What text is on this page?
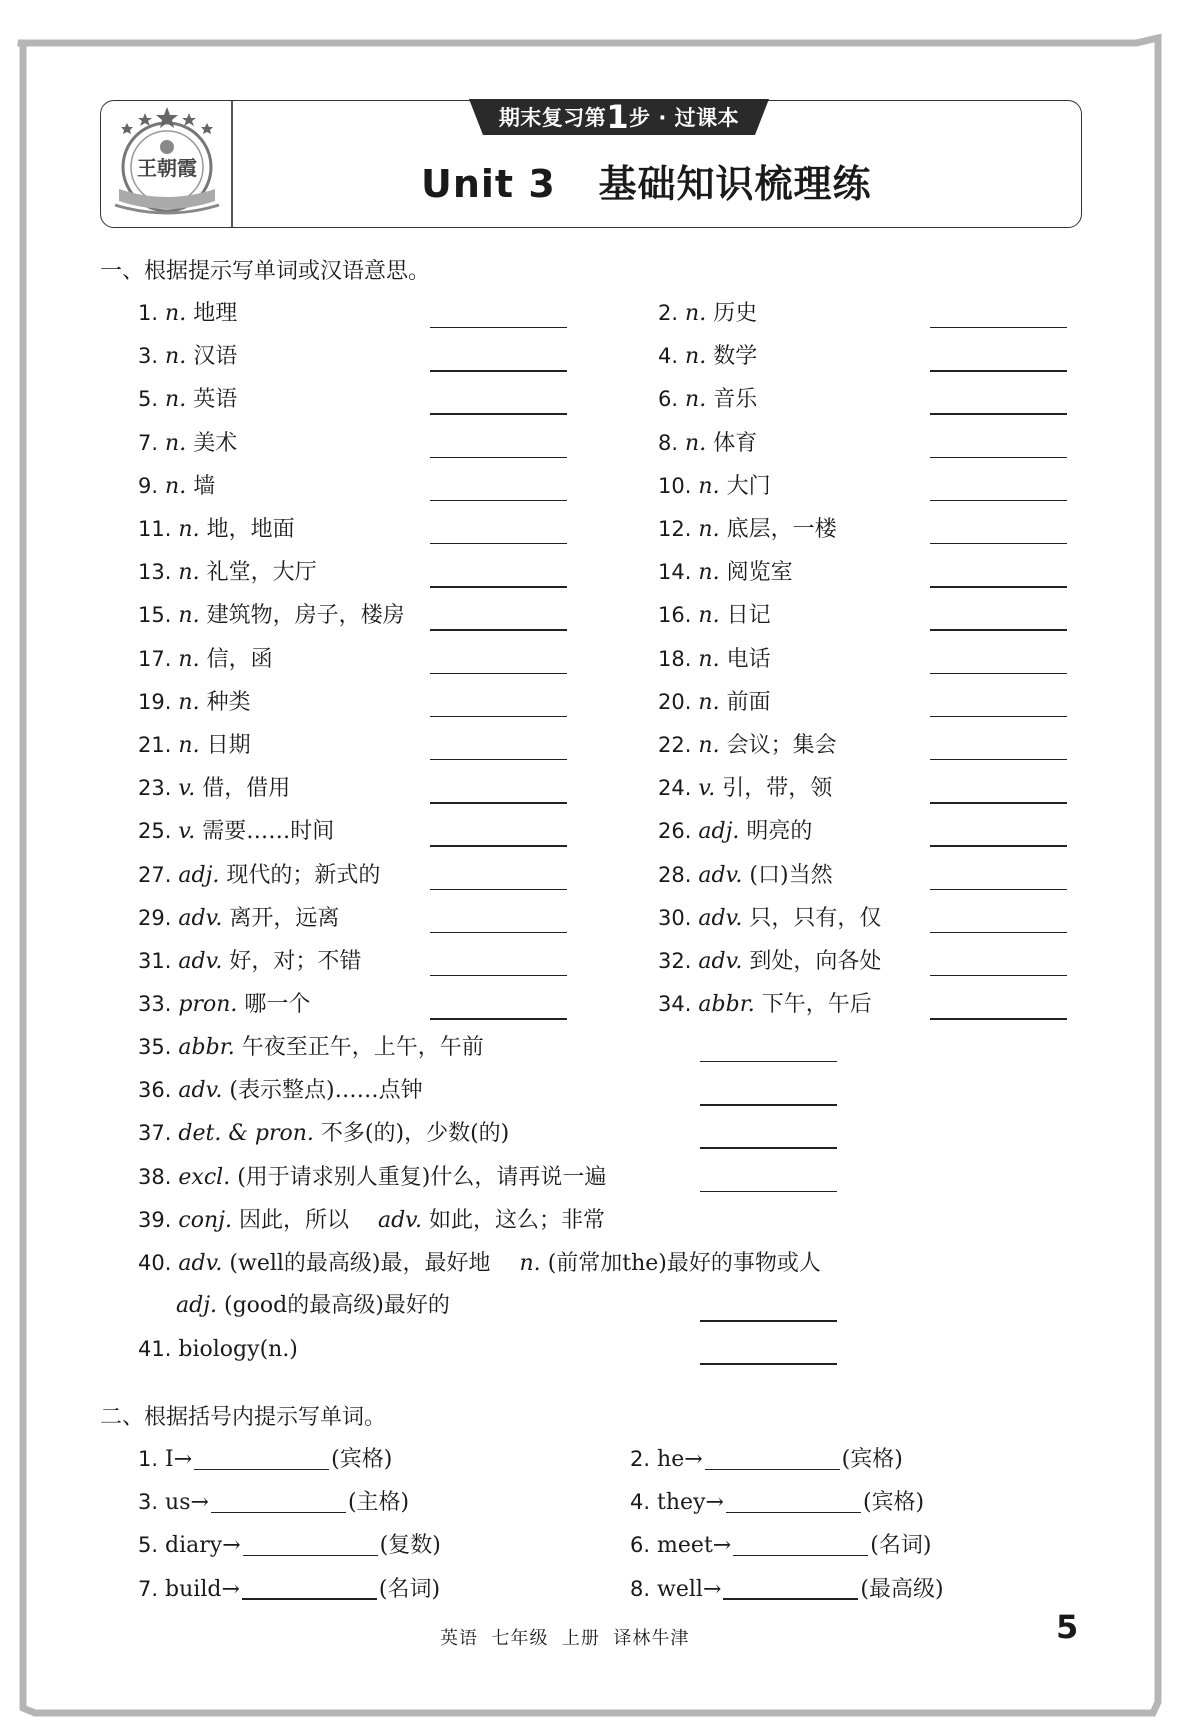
王朝霞
期末复习第1步 · 过课本
Unit 3   基础知识梳理练
一、根据提示写单词或汉语意思。
1. n. 地理	2. n. 历史
3. n. 汉语	4. n. 数学
5. n. 英语	6. n. 音乐
7. n. 美术	8. n. 体育
9. n. 墙	10. n. 大门
11. n. 地，地面	12. n. 底层，一楼
13. n. 礼堂，大厅	14. n. 阅览室
15. n. 建筑物，房子，楼房	16. n. 日记
17. n. 信，函	18. n. 电话
19. n. 种类	20. n. 前面
21. n. 日期	22. n. 会议；集会
23. v. 借，借用	24. v. 引，带，领
25. v. 需要……时间	26. adj. 明亮的
27. adj. 现代的；新式的	28. adv. (口)当然
29. adv. 离开，远离	30. adv. 只，只有，仅
31. adv. 好，对；不错	32. adv. 到处，向各处
33. pron. 哪一个	34. abbr. 下午，午后
35. abbr. 午夜至正午，上午，午前
36. adv. (表示整点)……点钟
37. det. & pron. 不多(的)，少数(的)
38. excl. (用于请求别人重复)什么，请再说一遍
39. conj. 因此，所以 adv. 如此，这么；非常
40. adv. (well的最高级)最，最好地 n. (前常加the)最好的事物或人
adj. (good的最高级)最好的
41. biology(n.)
二、根据括号内提示写单词。
1. I→	(宾格)	2. he→	(宾格)
3. us→	(主格)	4. they→	(宾格)
5. diary→	(复数)	6. meet→	(名词)
7. build→	(名词)	8. well→	(最高级)
英语  七年级  上册  译林牛津	5
